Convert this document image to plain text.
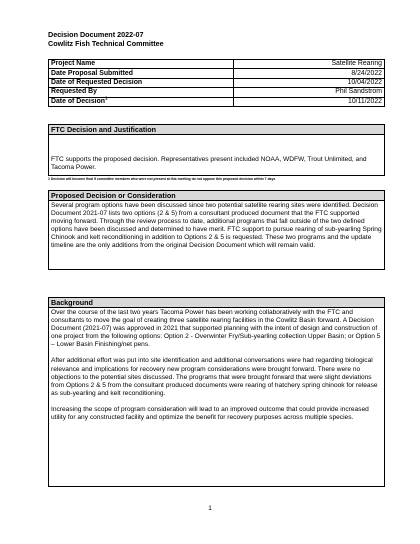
Decision Document 2022-07
Cowlitz Fish Technical Committee
Project Name	Satellite Rearing
Date Proposal Submitted	8/24/2022
Date of Requested Decision	10/04/2022
Requested By	Phil Sandstrom
Date of Decision$^1$	10/11/2022
FTC Decision and Justification
FTC supports the proposed decision. Representatives present included NOAA, WDFW, Trout Unlimited, and Tacoma Power.
1 Decision will become final if committee members who were not present at this meeting do not oppose this proposed decision within 7 days
Proposed Decision or Consideration
Several program options have been discussed since two potential satellite rearing sites were identified. Decision Document 2021-07 lists two options (2 & 5) from a consultant produced document that the FTC supported moving forward. Through the review process to date, additional programs that fall outside of the two defined options have been discussed and determined to have merit. FTC support to pursue rearing of sub-yearling Spring Chinook and kelt reconditioning in addition to Options 2 & 5 is requested. These two programs and the update timeline are the only additions from the original Decision Document which will remain valid.
Background

Over the course of the last two years Tacoma Power has been working collaboratively with the FTC and consultants to move the goal of creating three satellite rearing facilities in the Cowlitz Basin forward. A Decision Document (2021-07) was approved in 2021 that supported planning with the intent of design and construction of one project from the following options: Option 2 - Overwinter Fry/Sub-yearling collection Upper Basin; or Option 5 – Lower Basin Finishing/net pens.

After additional effort was put into site identification and additional conversations were had regarding biological relevance and implications for recovery new program considerations were brought forward. There were no objections to the potential sites discussed. The programs that were brought forward that were slight deviations from Options 2 & 5 from the consultant produced documents were rearing of hatchery spring chinook for release as sub-yearling and kelt reconditioning.

Increasing the scope of program consideration will lead to an improved outcome that could provide increased utility for any constructed facility and optimize the benefit for recovery purposes across multiple species.

1
